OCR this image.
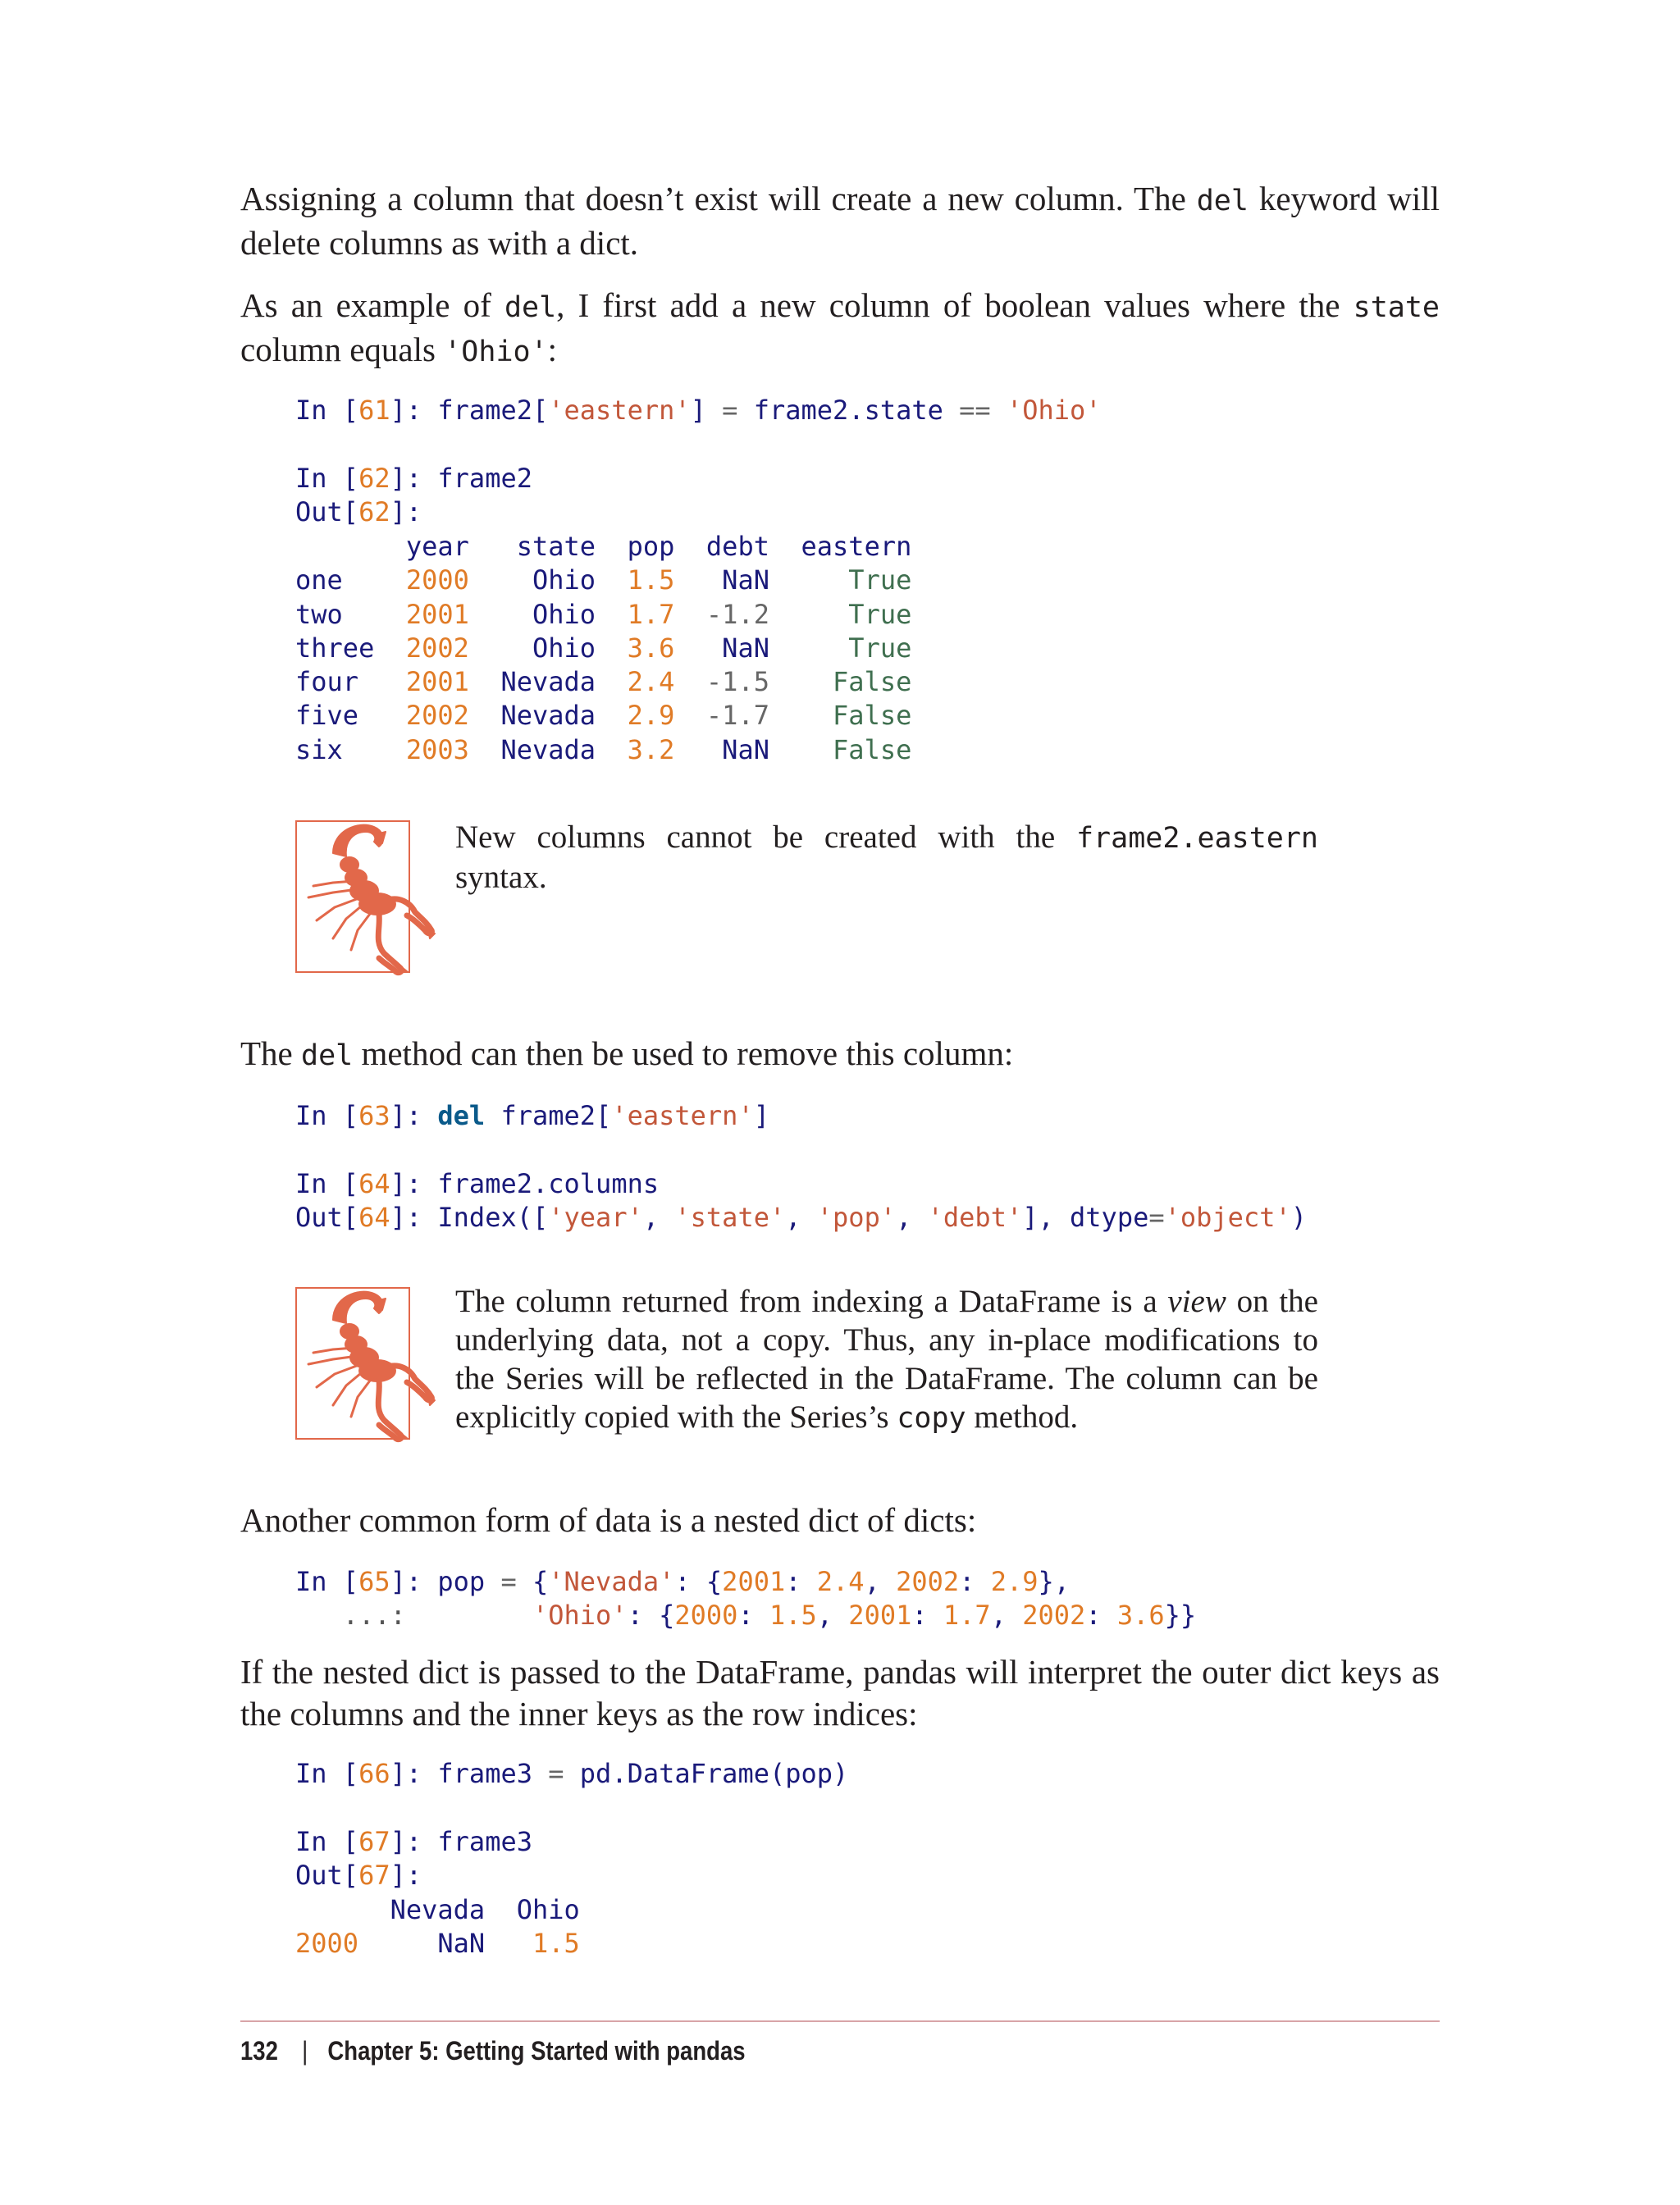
Assigning a column that doesn’t exist will create a new column. The del keyword will delete columns as with a dict.

As an example of del, I first add a new column of boolean values where the state column equals 'Ohio':

In [61]: frame2['eastern'] = frame2.state == 'Ohio'
In [62]: frame2
Out[62]:
year   state  pop  debt  eastern
one    2000    Ohio  1.5   NaN     True
two    2001    Ohio  1.7  -1.2     True
three  2002    Ohio  3.6   NaN     True
four   2001  Nevada  2.4  -1.5    False
five   2002  Nevada  2.9  -1.7    False
six    2003  Nevada  3.2   NaN    False

New columns cannot be created with the frame2.eastern syntax.

The del method can then be used to remove this column:

In [63]: del frame2['eastern']
In [64]: frame2.columns
Out[64]: Index(['year', 'state', 'pop', 'debt'], dtype='object')

The column returned from indexing a DataFrame is a view on the underlying data, not a copy. Thus, any in-place modifications to the Series will be reflected in the DataFrame. The column can be explicitly copied with the Series’s copy method.

Another common form of data is a nested dict of dicts:

In [65]: pop = {'Nevada': {2001: 2.4, 2002: 2.9},
...:	'Ohio': {2000: 1.5, 2001: 1.7, 2002: 3.6}}

If the nested dict is passed to the DataFrame, pandas will interpret the outer dict keys as the columns and the inner keys as the row indices:

In [66]: frame3 = pd.DataFrame(pop)
In [67]: frame3
Out[67]:
Nevada  Ohio
2000     NaN   1.5
132 | Chapter 5: Getting Started with pandas
